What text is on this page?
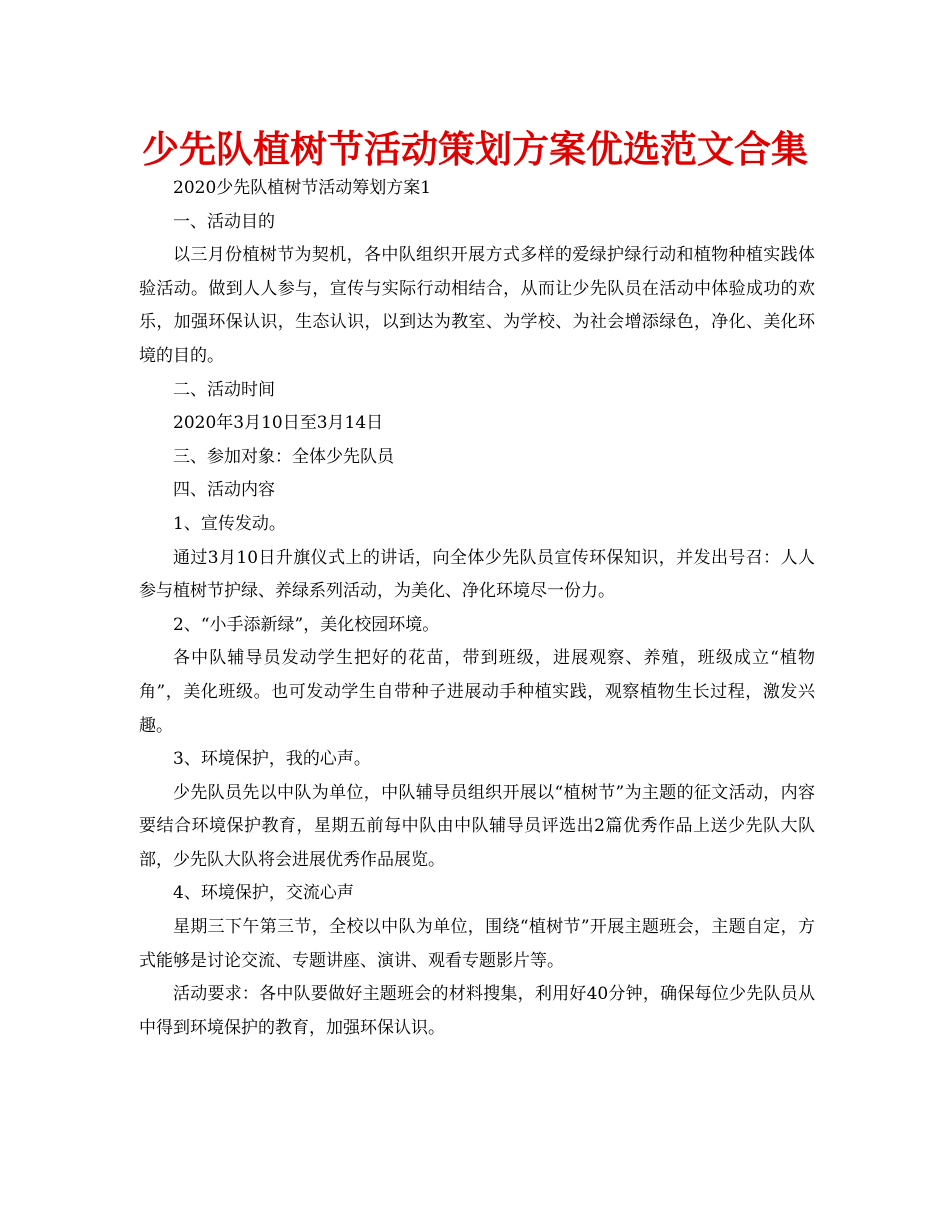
少先队植树节活动策划方案优选范文合集

2020少先队植树节活动筹划方案1

一、活动目的

以三月份植树节为契机，各中队组织开展方式多样的爱绿护绿行动和植物种植实践体验活动。做到人人参与，宣传与实际行动相结合，从而让少先队员在活动中体验成功的欢乐，加强环保认识，生态认识，以到达为教室、为学校、为社会增添绿色，净化、美化环境的目的。

二、活动时间

2020年3月10日至3月14日

三、参加对象：全体少先队员

四、活动内容

1、宣传发动。

通过3月10日升旗仪式上的讲话，向全体少先队员宣传环保知识，并发出号召：人人参与植树节护绿、养绿系列活动，为美化、净化环境尽一份力。

2、“小手添新绿”，美化校园环境。

各中队辅导员发动学生把好的花苗，带到班级，进展观察、养殖，班级成立“植物角”，美化班级。也可发动学生自带种子进展动手种植实践，观察植物生长过程，激发兴趣。

3、环境保护，我的心声。

少先队员先以中队为单位，中队辅导员组织开展以“植树节”为主题的征文活动，内容要结合环境保护教育，星期五前每中队由中队辅导员评选出2篇优秀作品上送少先队大队部，少先队大队将会进展优秀作品展览。

4、环境保护，交流心声

星期三下午第三节，全校以中队为单位，围绕“植树节”开展主题班会，主题自定，方式能够是讨论交流、专题讲座、演讲、观看专题影片等。

活动要求：各中队要做好主题班会的材料搜集，利用好40分钟，确保每位少先队员从中得到环境保护的教育，加强环保认识。
